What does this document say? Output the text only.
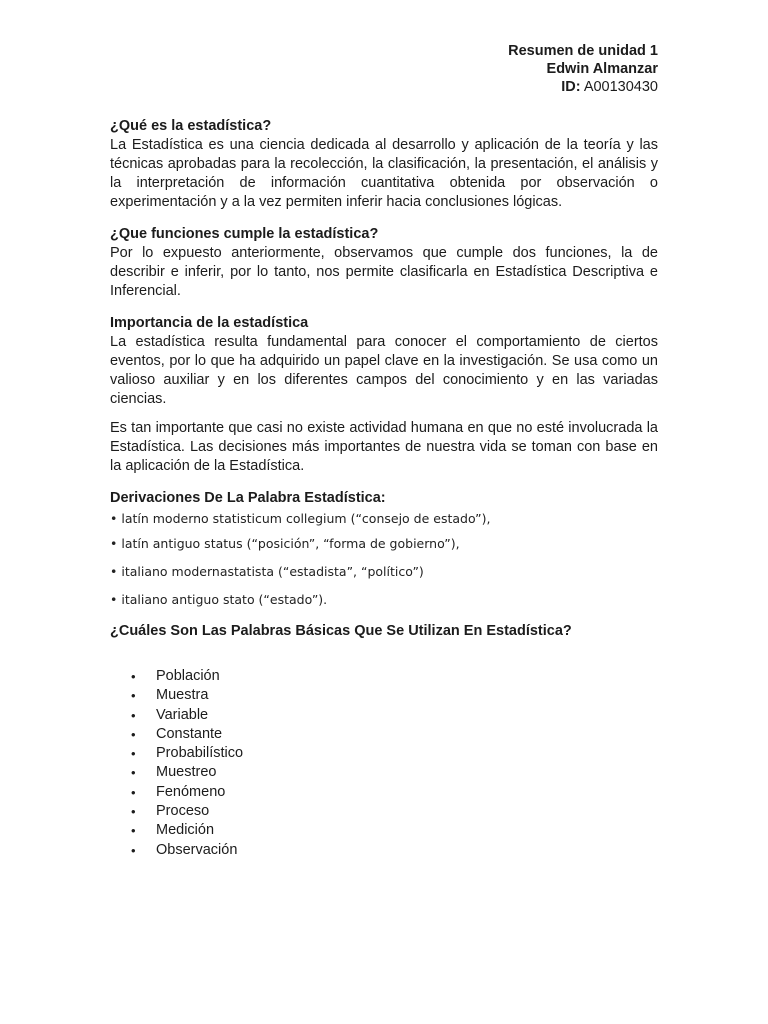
Resumen de unidad 1
Edwin Almanzar
ID: A00130430
¿Qué es la estadística?

La Estadística es una ciencia dedicada al desarrollo y aplicación de la teoría y las técnicas aprobadas para la recolección, la clasificación, la presentación, el análisis y la interpretación de información cuantitativa obtenida por observación o experimentación y a la vez permiten inferir hacia conclusiones lógicas.

¿Que funciones cumple la estadística?

Por lo expuesto anteriormente, observamos que cumple dos funciones, la de describir e inferir, por lo tanto, nos permite clasificarla en Estadística Descriptiva e Inferencial.

Importancia de la estadística

La estadística resulta fundamental para conocer el comportamiento de ciertos eventos, por lo que ha adquirido un papel clave en la investigación. Se usa como un valioso auxiliar y en los diferentes campos del conocimiento y en las variadas ciencias.

Es tan importante que casi no existe actividad humana en que no esté involucrada la Estadística. Las decisiones más importantes de nuestra vida se toman con base en la aplicación de la Estadística.

Derivaciones De La Palabra Estadística:
• latín moderno statisticum collegium (“consejo de estado”),
• latín antiguo status (“posición”, “forma de gobierno”),
• italiano modernastatista (“estadista”, “político”)
• italiano antiguo stato (“estado”).
¿Cuáles Son Las Palabras Básicas Que Se Utilizan En Estadística?
• Población
• Muestra
• Variable
• Constante
• Probabilístico
• Muestreo
• Fenómeno
• Proceso
• Medición
• Observación
